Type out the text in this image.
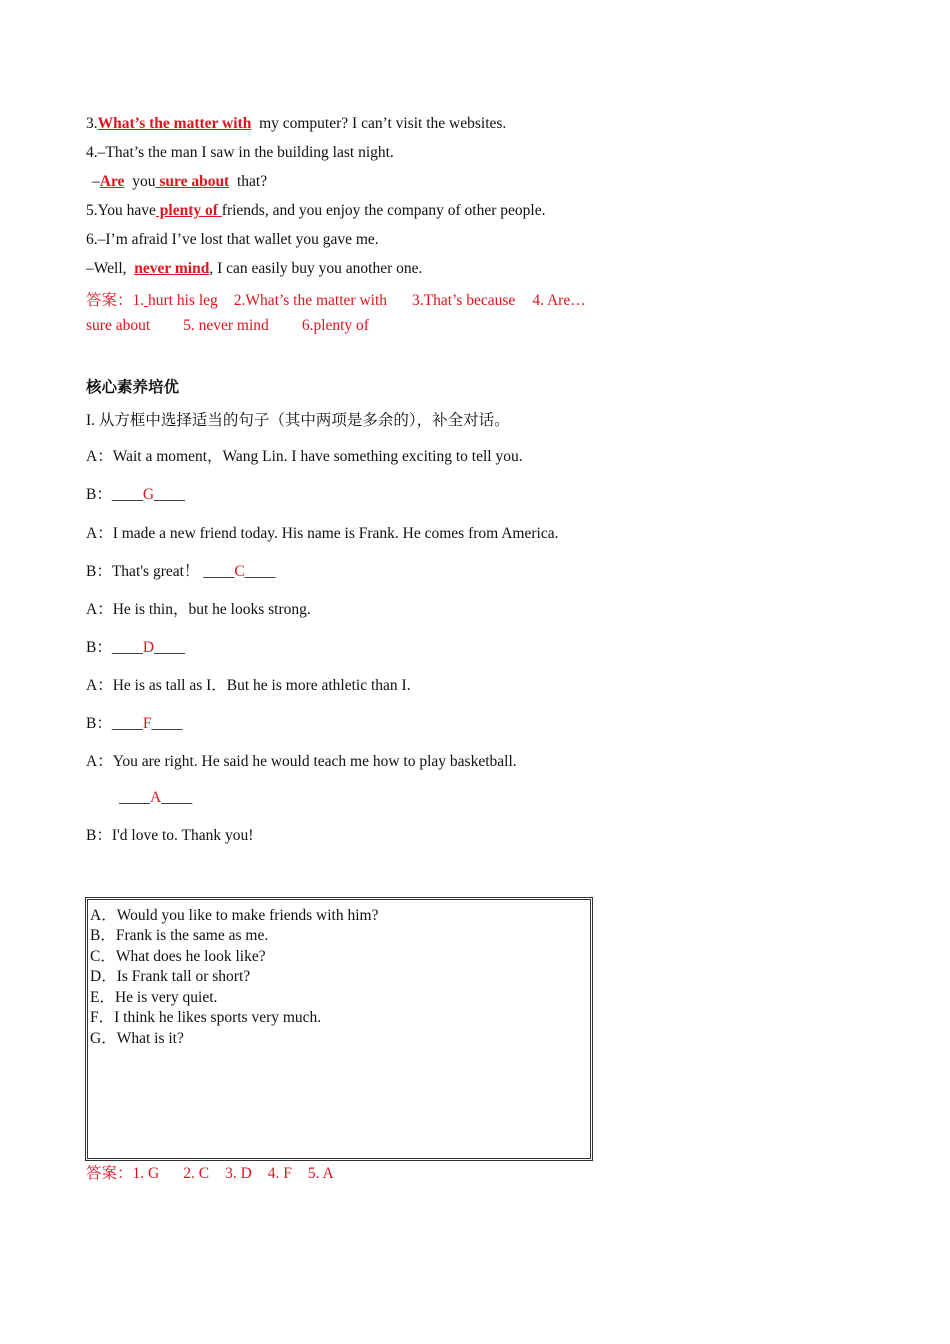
3.What’s the matter with  my computer? I can’t visit the websites.
4.–That’s the man I saw in the building last night.
–Are  you sure about  that?
5.You have plenty of friends, and you enjoy the company of other people.
6.–I’m afraid I’ve lost that wallet you gave me.
–Well,  never mind, I can easily buy you another one.
答案：1. hurt his leg 2.What’s the matter with 3.That’s because 4. Are…
sure about 5. never mind 6.plenty of
核心素养培优
I. 从方框中选择适当的句子（其中两项是多余的），补全对话。
A：Wait a moment，Wang Lin. I have something exciting to tell you.
B：____G____
A：I made a new friend today. His name is Frank. He comes from America.
B：That's great！ ____C____
A：He is thin，but he looks strong.
B：____D____
A：He is as tall as I．But he is more athletic than I.
B：____F____
A：You are right. He said he would teach me how to play basketball.
____A____
B：I'd love to. Thank you!
A．Would you like to make friends with him?
B．Frank is the same as me.
C．What does he look like?
D．Is Frank tall or short?
E．He is very quiet.
F．I think he likes sports very much.
G．What is it?
答案：1. G 2. C 3. D 4. F 5. A
